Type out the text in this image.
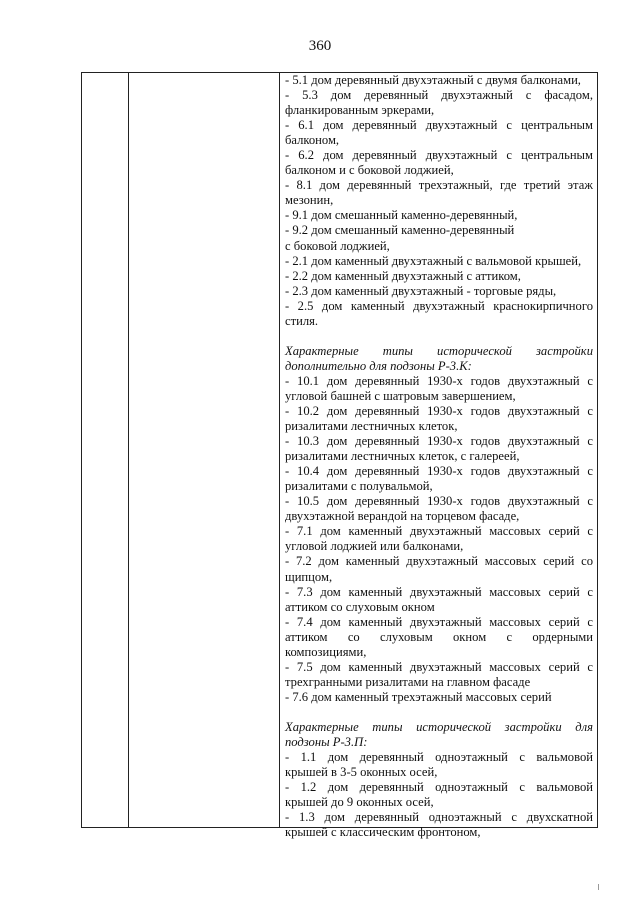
360
- 5.1 дом деревянный двухэтажный с двумя балконами,
- 5.3 дом деревянный двухэтажный с фасадом,
фланкированным эркерами,
- 6.1 дом деревянный двухэтажный с центральным
балконом,
- 6.2 дом деревянный двухэтажный с центральным
балконом и с боковой лоджией,
- 8.1 дом деревянный трехэтажный, где третий этаж
мезонин,
- 9.1 дом смешанный каменно-деревянный,
- 9.2 дом смешанный каменно-деревянный
с боковой лоджией,
- 2.1 дом каменный двухэтажный с вальмовой крышей,
- 2.2 дом каменный двухэтажный с аттиком,
- 2.3 дом каменный двухэтажный - торговые ряды,
- 2.5 дом каменный двухэтажный краснокирпичного
стиля.
Характерные типы исторической застройки
дополнительно для подзоны Р-3.К:
- 10.1 дом деревянный 1930-х годов двухэтажный с
угловой башней с шатровым завершением,
- 10.2 дом деревянный 1930-х годов двухэтажный с
ризалитами лестничных клеток,
- 10.3 дом деревянный 1930-х годов двухэтажный с
ризалитами лестничных клеток, с галереей,
- 10.4 дом деревянный 1930-х годов двухэтажный с
ризалитами с полувальмой,
- 10.5 дом деревянный 1930-х годов двухэтажный с
двухэтажной верандой на торцевом фасаде,
- 7.1 дом каменный двухэтажный массовых серий с
угловой лоджией или балконами,
- 7.2 дом каменный двухэтажный массовых серий со
щипцом,
- 7.3 дом каменный двухэтажный массовых серий с
аттиком со слуховым окном
- 7.4 дом каменный двухэтажный массовых серий с
аттиком со слуховым окном с ордерными
композициями,
- 7.5 дом каменный двухэтажный массовых серий с
трехгранными ризалитами на главном фасаде
- 7.6 дом каменный трехэтажный массовых серий
Характерные типы исторической застройки для
подзоны Р-3.П:
- 1.1 дом деревянный одноэтажный с вальмовой
крышей в 3-5 оконных осей,
- 1.2 дом деревянный одноэтажный с вальмовой
крышей до 9 оконных осей,
- 1.3 дом деревянный одноэтажный с двухскатной
крышей с классическим фронтоном,
